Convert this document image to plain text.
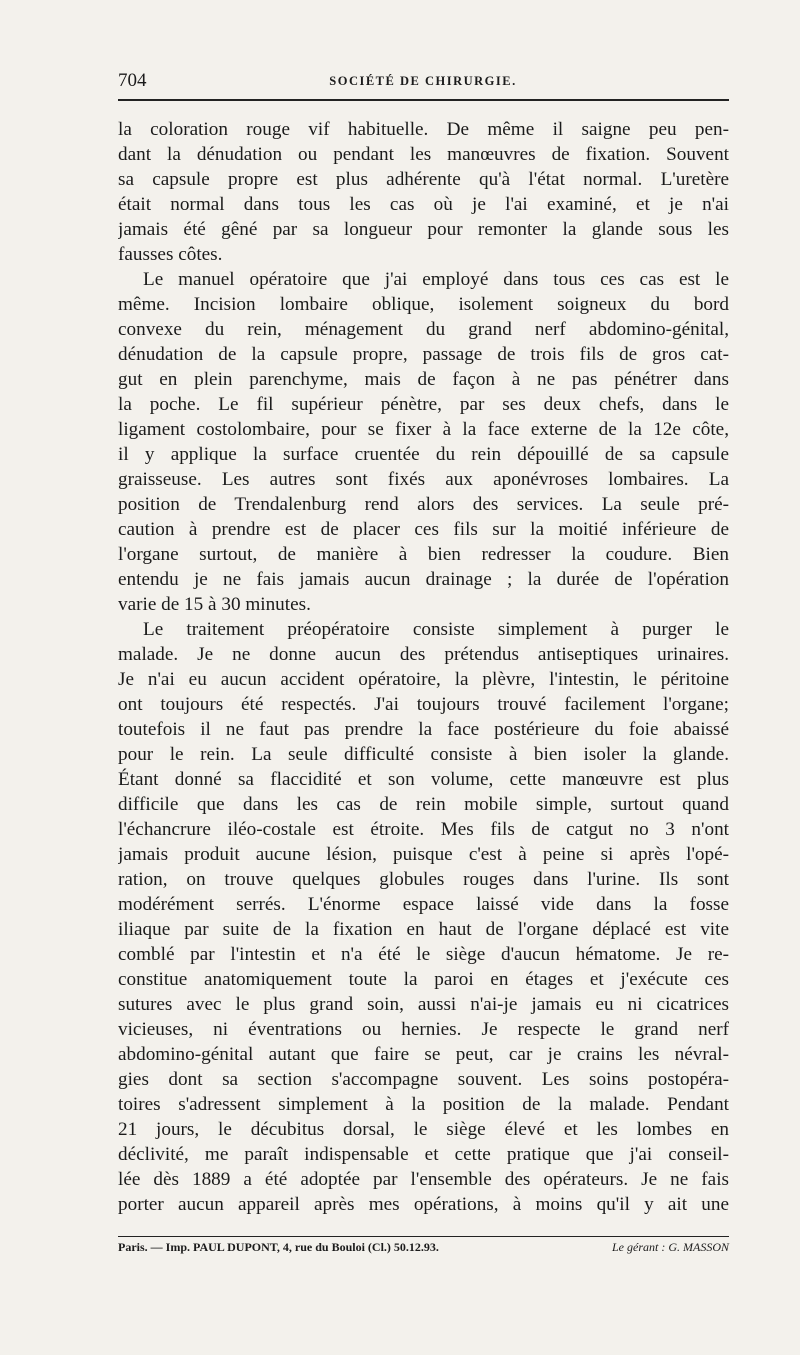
704	SOCIÉTÉ DE CHIRURGIE.
la coloration rouge vif habituelle. De même il saigne peu pen-
dant la dénudation ou pendant les manœuvres de fixation. Souvent
sa capsule propre est plus adhérente qu'à l'état normal. L'uretère
était normal dans tous les cas où je l'ai examiné, et je n'ai
jamais été gêné par sa longueur pour remonter la glande sous les
fausses côtes.
Le manuel opératoire que j'ai employé dans tous ces cas est le
même. Incision lombaire oblique, isolement soigneux du bord
convexe du rein, ménagement du grand nerf abdomino-génital,
dénudation de la capsule propre, passage de trois fils de gros cat-
gut en plein parenchyme, mais de façon à ne pas pénétrer dans
la poche. Le fil supérieur pénètre, par ses deux chefs, dans le
ligament costolombaire, pour se fixer à la face externe de la 12e côte,
il y applique la surface cruentée du rein dépouillé de sa capsule
graisseuse. Les autres sont fixés aux aponévroses lombaires. La
position de Trendalenburg rend alors des services. La seule pré-
caution à prendre est de placer ces fils sur la moitié inférieure de
l'organe surtout, de manière à bien redresser la coudure. Bien
entendu je ne fais jamais aucun drainage ; la durée de l'opération
varie de 15 à 30 minutes.
Le traitement préopératoire consiste simplement à purger le
malade. Je ne donne aucun des prétendus antiseptiques urinaires.
Je n'ai eu aucun accident opératoire, la plèvre, l'intestin, le péritoine
ont toujours été respectés. J'ai toujours trouvé facilement l'organe;
toutefois il ne faut pas prendre la face postérieure du foie abaissé
pour le rein. La seule difficulté consiste à bien isoler la glande.
Étant donné sa flaccidité et son volume, cette manœuvre est plus
difficile que dans les cas de rein mobile simple, surtout quand
l'échancrure iléo-costale est étroite. Mes fils de catgut no 3 n'ont
jamais produit aucune lésion, puisque c'est à peine si après l'opé-
ration, on trouve quelques globules rouges dans l'urine. Ils sont
modérément serrés. L'énorme espace laissé vide dans la fosse
iliaque par suite de la fixation en haut de l'organe déplacé est vite
comblé par l'intestin et n'a été le siège d'aucun hématome. Je re-
constitue anatomiquement toute la paroi en étages et j'exécute ces
sutures avec le plus grand soin, aussi n'ai-je jamais eu ni cicatrices
vicieuses, ni éventrations ou hernies. Je respecte le grand nerf
abdomino-génital autant que faire se peut, car je crains les névral-
gies dont sa section s'accompagne souvent. Les soins postopéra-
toires s'adressent simplement à la position de la malade. Pendant
21 jours, le décubitus dorsal, le siège élevé et les lombes en
déclivité, me paraît indispensable et cette pratique que j'ai conseil-
lée dès 1889 a été adoptée par l'ensemble des opérateurs. Je ne fais
porter aucun appareil après mes opérations, à moins qu'il y ait une
Paris. — Imp. PAUL DUPONT, 4, rue du Bouloi (Cl.) 50.12.93.	Le gérant : G. MASSON
